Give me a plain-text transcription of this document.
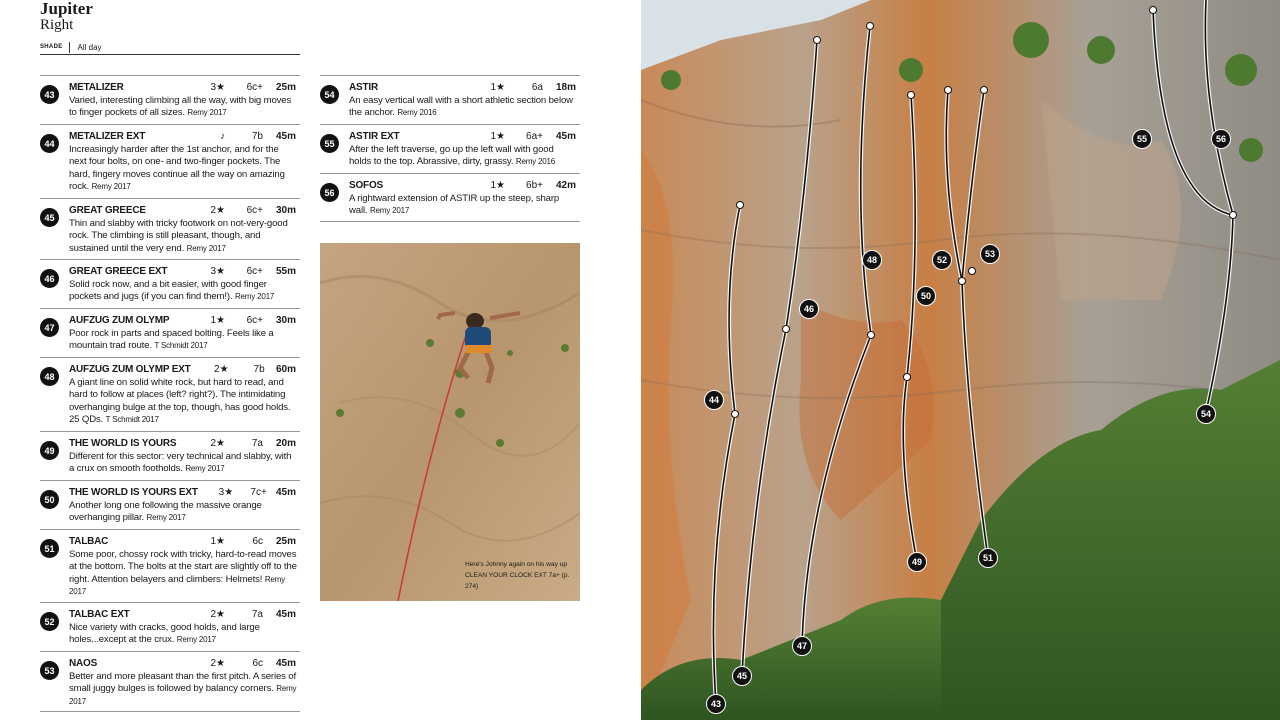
Jupiter
Right
SHADE	All day
43
METALIZER	3★	6c+	25m
Varied, interesting climbing all the way, with big moves to finger pockets of all sizes. Remy 2017
44
METALIZER EXT	♪	7b	45m
Increasingly harder after the 1st anchor, and for the next four bolts, on one- and two-finger pockets. The hard, fingery moves continue all the way on amazing rock. Remy 2017
45
GREAT GREECE	2★	6c+	30m
Thin and slabby with tricky footwork on not-very-good rock. The climbing is still pleasant, though, and sustained until the very end. Remy 2017
46
GREAT GREECE EXT	3★	6c+	55m
Solid rock now, and a bit easier, with good finger pockets and jugs (if you can find them!). Remy 2017
47
AUFZUG ZUM OLYMP	1★	6c+	30m
Poor rock in parts and spaced bolting. Feels like a mountain trad route. T Schmidt 2017
48
AUFZUG ZUM OLYMP EXT	2★	7b	60m
A giant line on solid white rock, but hard to read, and hard to follow at places (left? right?). The intimidating overhanging bulge at the top, though, has good holds. 25 QDs. T Schmidt 2017
49
THE WORLD IS YOURS	2★	7a	20m
Different for this sector: very technical and slabby, with a crux on smooth footholds. Remy 2017
50
THE WORLD IS YOURS EXT	3★	7c+ 45m
Another long one following the massive orange overhanging pillar. Remy 2017
51
TALBAC	1★	6c	25m
Some poor, chossy rock with tricky, hard-to-read moves at the bottom. The bolts at the start are slightly off to the right. Attention belayers and climbers: Helmets! Remy 2017
52
TALBAC EXT	2★	7a	45m
Nice variety with cracks, good holds, and large holes...except at the crux. Remy 2017
53
NAOS	2★	6c	45m
Better and more pleasant than the first pitch. A series of small juggy bulges is followed by balancy corners. Remy 2017
54
ASTIR	1★	6a	18m
An easy vertical wall with a short athletic section below the anchor. Remy 2016
55
ASTIR EXT	1★	6a+	45m
After the left traverse, go up the left wall with good holds to the top. Abrassive, dirty, grassy. Remy 2016
56
SOFOS	1★	6b+	42m
A rightward extension of ASTIR up the steep, sharp wall. Remy 2017
Here's Johnny again on his way up CLEAN YOUR CLOCK EXT 7a+ (p. 274)
43
44
45
46
47
48
49
50
51
52
53
54
55	56
